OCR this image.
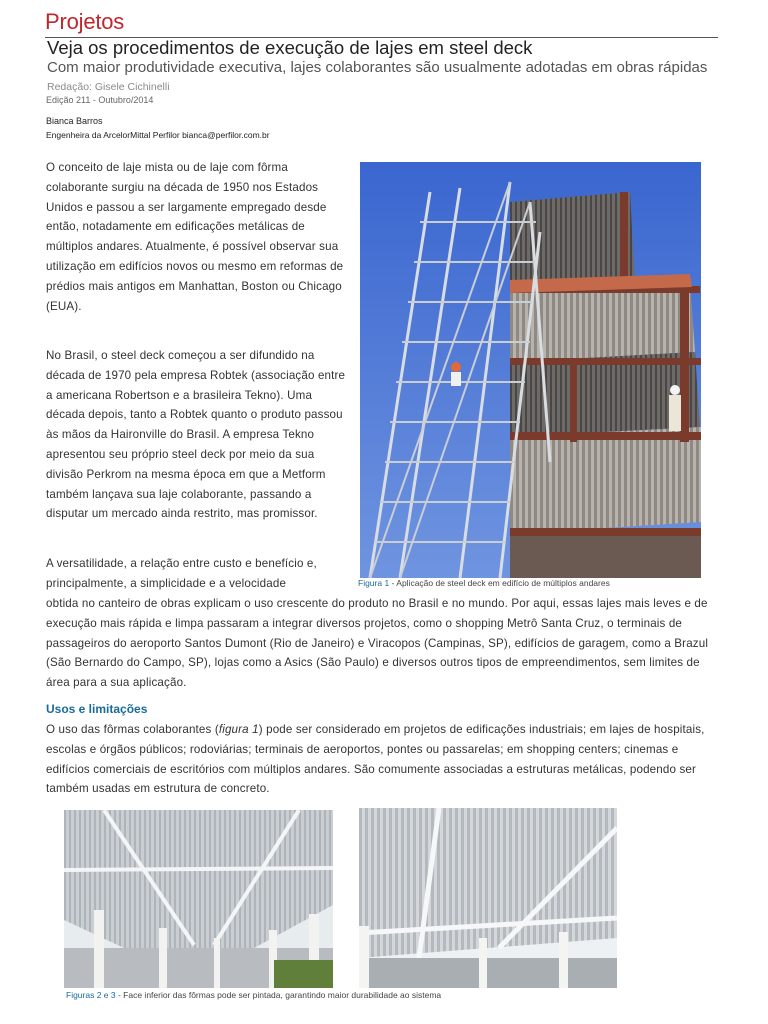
Projetos
Veja os procedimentos de execução de lajes em steel deck
Com maior produtividade executiva, lajes colaborantes são usualmente adotadas em obras rápidas
Redação: Gisele Cichinelli
Edição 211 - Outubro/2014
Bianca Barros
Engenheira da ArcelorMittal Perfilor bianca@perfilor.com.br

O conceito de laje mista ou de laje com fôrma colaborante surgiu na década de 1950 nos Estados Unidos e passou a ser largamente empregado desde então, notadamente em edificações metálicas de múltiplos andares. Atualmente, é possível observar sua utilização em edifícios novos ou mesmo em reformas de prédios mais antigos em Manhattan, Boston ou Chicago (EUA).

No Brasil, o steel deck começou a ser difundido na década de 1970 pela empresa Robtek (associação entre a americana Robertson e a brasileira Tekno). Uma década depois, tanto a Robtek quanto o produto passou às mãos da Haironville do Brasil. A empresa Tekno apresentou seu próprio steel deck por meio da sua divisão Perkrom na mesma época em que a Metform também lançava sua laje colaborante, passando a disputar um mercado ainda restrito, mas promissor.

A versatilidade, a relação entre custo e benefício e, principalmente, a simplicidade e a velocidade

obtida no canteiro de obras explicam o uso crescente do produto no Brasil e no mundo. Por aqui, essas lajes mais leves e de execução mais rápida e limpa passaram a integrar diversos projetos, como o shopping Metrô Santa Cruz, o terminais de passageiros do aeroporto Santos Dumont (Rio de Janeiro) e Viracopos (Campinas, SP), edifícios de garagem, como a Brazul (São Bernardo do Campo, SP), lojas como a Asics (São Paulo) e diversos outros tipos de empreendimentos, sem limites de área para a sua aplicação.

Usos e limitações

O uso das fôrmas colaborantes (figura 1) pode ser considerado em projetos de edificações industriais; em lajes de hospitais, escolas e órgãos públicos; rodoviárias; terminais de aeroportos, pontes ou passarelas; em shopping centers; cinemas e edifícios comerciais de escritórios com múltiplos andares. São comumente associadas a estruturas metálicas, podendo ser também usadas em estrutura de concreto.

Figura 1 - Aplicação de steel deck em edifício de múltiplos andares
Figuras 2 e 3 - Face inferior das fôrmas pode ser pintada, garantindo maior durabilidade ao sistema
